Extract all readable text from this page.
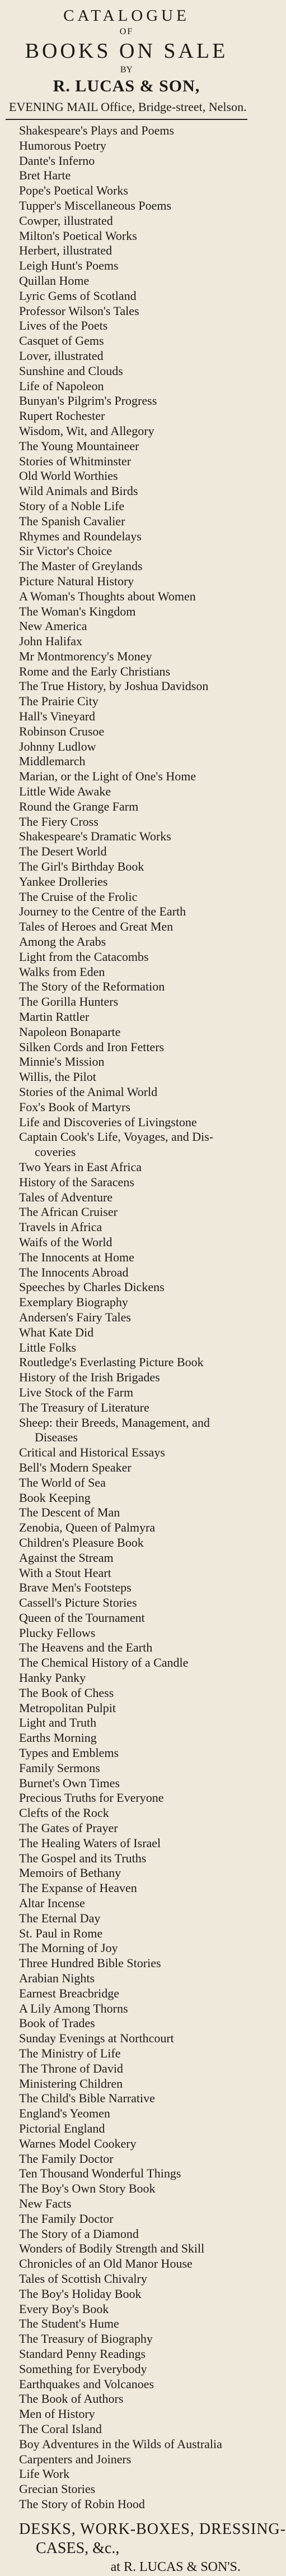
CATALOGUE
OF
BOOKS ON SALE
BY
R. LUCAS & SON,
EVENING MAIL Office, Bridge-street, Nelson.
Shakespeare's Plays and Poems
Humorous Poetry
Dante's Inferno
Bret Harte
Pope's Poetical Works
Tupper's Miscellaneous Poems
Cowper, illustrated
Milton's Poetical Works
Herbert, illustrated
Leigh Hunt's Poems
Quillan Home
Lyric Gems of Scotland
Professor Wilson's Tales
Lives of the Poets
Casquet of Gems
Lover, illustrated
Sunshine and Clouds
Life of Napoleon
Bunyan's Pilgrim's Progress
Rupert Rochester
Wisdom, Wit, and Allegory
The Young Mountaineer
Stories of Whitminster
Old World Worthies
Wild Animals and Birds
Story of a Noble Life
The Spanish Cavalier
Rhymes and Roundelays
Sir Victor's Choice
The Master of Greylands
Picture Natural History
A Woman's Thoughts about Women
The Woman's Kingdom
New America
John Halifax
Mr Montmorency's Money
Rome and the Early Christians
The True History, by Joshua Davidson
The Prairie City
Hall's Vineyard
Robinson Crusoe
Johnny Ludlow
Middlemarch
Marian, or the Light of One's Home
Little Wide Awake
Round the Grange Farm
The Fiery Cross
Shakespeare's Dramatic Works
The Desert World
The Girl's Birthday Book
Yankee Drolleries
The Cruise of the Frolic
Journey to the Centre of the Earth
Tales of Heroes and Great Men
Among the Arabs
Light from the Catacombs
Walks from Eden
The Story of the Reformation
The Gorilla Hunters
Martin Rattler
Napoleon Bonaparte
Silken Cords and Iron Fetters
Minnie's Mission
Willis, the Pilot
Stories of the Animal World
Fox's Book of Martyrs
Life and Discoveries of Livingstone
Captain Cook's Life, Voyages, and Dis-
coveries
Two Years in East Africa
History of the Saracens
Tales of Adventure
The African Cruiser
Travels in Africa
Waifs of the World
The Innocents at Home
The Innocents Abroad
Speeches by Charles Dickens
Exemplary Biography
Andersen's Fairy Tales
What Kate Did
Little Folks
Routledge's Everlasting Picture Book
History of the Irish Brigades
Live Stock of the Farm
The Treasury of Literature
Sheep: their Breeds, Management, and
Diseases
Critical and Historical Essays
Bell's Modern Speaker
The World of Sea
Book Keeping
The Descent of Man
Zenobia, Queen of Palmyra
Children's Pleasure Book
Against the Stream
With a Stout Heart
Brave Men's Footsteps
Cassell's Picture Stories
Queen of the Tournament
Plucky Fellows
The Heavens and the Earth
The Chemical History of a Candle
Hanky Panky
The Book of Chess
Metropolitan Pulpit
Light and Truth
Earths Morning
Types and Emblems
Family Sermons
Burnet's Own Times
Precious Truths for Everyone
Clefts of the Rock
The Gates of Prayer
The Healing Waters of Israel
The Gospel and its Truths
Memoirs of Bethany
The Expanse of Heaven
Altar Incense
The Eternal Day
St. Paul in Rome
The Morning of Joy
Three Hundred Bible Stories
Arabian Nights
Earnest Breacbridge
A Lily Among Thorns
Book of Trades
Sunday Evenings at Northcourt
The Ministry of Life
The Throne of David
Ministering Children
The Child's Bible Narrative
England's Yeomen
Pictorial England
Warnes Model Cookery
The Family Doctor
Ten Thousand Wonderful Things
The Boy's Own Story Book
New Facts
The Family Doctor
The Story of a Diamond
Wonders of Bodily Strength and Skill
Chronicles of an Old Manor House
Tales of Scottish Chivalry
The Boy's Holiday Book
Every Boy's Book
The Student's Hume
The Treasury of Biography
Standard Penny Readings
Something for Everybody
Earthquakes and Volcanoes
The Book of Authors
Men of History
The Coral Island
Boy Adventures in the Wilds of Australia
Carpenters and Joiners
Life Work
Grecian Stories
The Story of Robin Hood
DESKS, WORK-BOXES, DRESSING-
CASES, &c.,
at R. LUCAS & SON'S.
